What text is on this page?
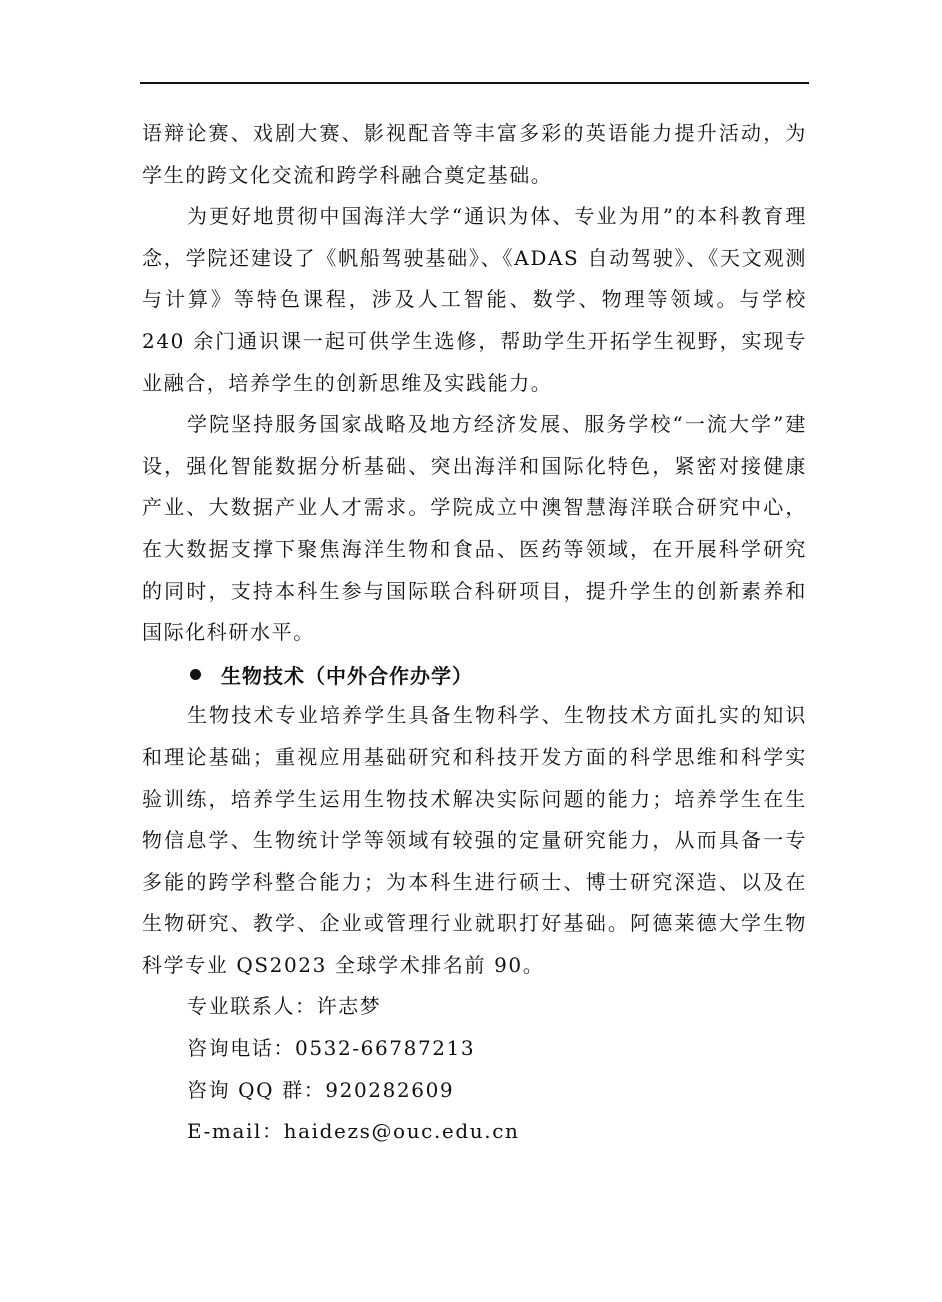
语辩论赛、戏剧大赛、影视配音等丰富多彩的英语能力提升活动，为学生的跨文化交流和跨学科融合奠定基础。

为更好地贯彻中国海洋大学“通识为体、专业为用”的本科教育理念，学院还建设了《帆船驾驶基础》、《ADAS 自动驾驶》、《天文观测与计算》等特色课程，涉及人工智能、数学、物理等领域。与学校 240 余门通识课一起可供学生选修，帮助学生开拓学生视野，实现专业融合，培养学生的创新思维及实践能力。

学院坚持服务国家战略及地方经济发展、服务学校“一流大学”建设，强化智能数据分析基础、突出海洋和国际化特色，紧密对接健康产业、大数据产业人才需求。学院成立中澳智慧海洋联合研究中心，在大数据支撑下聚焦海洋生物和食品、医药等领域，在开展科学研究的同时，支持本科生参与国际联合科研项目，提升学生的创新素养和国际化科研水平。

生物技术（中外合作办学）

生物技术专业培养学生具备生物科学、生物技术方面扎实的知识和理论基础；重视应用基础研究和科技开发方面的科学思维和科学实验训练，培养学生运用生物技术解决实际问题的能力；培养学生在生物信息学、生物统计学等领域有较强的定量研究能力，从而具备一专多能的跨学科整合能力；为本科生进行硕士、博士研究深造、以及在生物研究、教学、企业或管理行业就职打好基础。阿德莱德大学生物科学专业 QS2023 全球学术排名前 90。

专业联系人：许志梦

咨询电话：0532-66787213

咨询 QQ 群：920282609

E-mail：haidezs@ouc.edu.cn
